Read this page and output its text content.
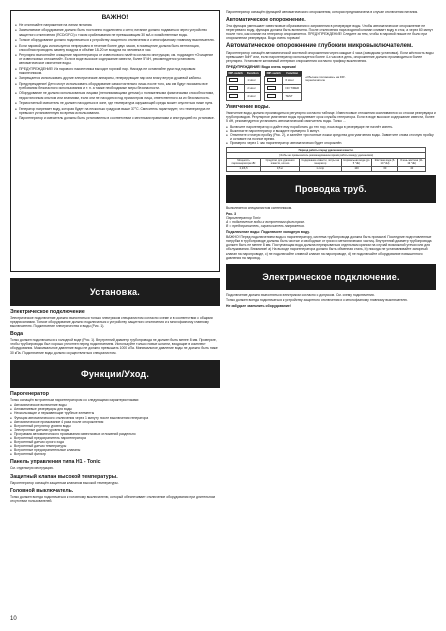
ВАЖНО!
● Не отключайте напряжение на линии питания.
● Заземляемое оборудование должно быть постоянно подключено к сети; питание должно подаваться через устройство защитного отключения (RCD/GFCI) с током срабатывания не превышающим 30 мА и хозяйственные воды.
● Тонкое оборудование должно подключаться к устройству защитного отключения и к многофазному главному выключателю.
● Если паровой душ используется непрерывно в течение более двух часов, в помещение должна быть вентиляция, способная проводить замену воздуха в объёме 18-20 м³ воздуха на человека в час.
● Регулярно выполняйте очищение парогенератора от известкового налёта согласно инструкции, см. подраздел «Очищение от известковых отложений». Если в воде высокое содержание извести, более 5°dH, рекомендуется установить автоматическое смягчение воды.
● ПРЕДУПРЕЖДЕНИЕ! Из парового наконечника выходит горячий пар. Никогда не оставляйте руки под паровым наконечником.
● Запрещается использовать другие электрические аппараты, генерирующие пар или влагу внутри душевой кабины.
● Предупреждение! Дети могут использовать оборудование самостоятельно лишь после того, как им будут показаны все требования безопасного использования и т. п. а также необходимые меры безопасности.
● Оборудование не должно использоваться лицами (непонимающими детьми) с пониженными физическими способностями, недостаточным опытом или знаниями, если они не находятся под присмотром лица, ответственного за их безопасность.
● Термостатный смеситель не должен находиться в зоне, где температура окружающей среды может опуститься ниже нуля.
● Генератор нагревает воду, которая будет на несколько градусов выше 37°C. Смеситель гарантирует, что температура не превысит установленную во время использования.
● Парогенератор и смеситель должны быть установлены в соответствии с местными правилами и инструкцией по установке.
Установка.
Электрическое подключение

Электрическое подключение должно выполняться только электриком специалистом согласно схеме и в соответствии с общими предписаниями. Тонкое оборудование должно подключаться к устройству защитного отключения и к многофазному главному выключателю. Подключение электричества и воды (Рис. 1).

Вода

Тонко должен подключаться к холодной воде (Рис. 1). Внутренний диаметр трубопровода не должен быть менее 8 мм. Проверьте, чтобы трубопроводы был хорошо уплотнен перед подключением. Используйте только новые шланги, входящие в комплект оборудования. Максимальное давление воды не должно превышать 1000 кПа. Минимальное давление воды не должно быть ниже 30 кПа. Подключение воды должно осуществляться специалистом.

Функции/Уход.
Парогенератор

Тонко оснащён встроенным парогенератором со следующими характеристиками:

● Автоматическое включение воды
● Алюминиевые резервуары для воды
● Нескользящие и нержавеющие трубные элементы
● Функция автоматического отключения через 1 минуту после выключения генератора
● Автоматическое промывание 4 раза после опорожнения
● Встроенный регулятор уровня воды
● Электронные датчики уровня воды
● Программа автоматического промывания известковых отложений раздельно
● Встроенный предохранитель парогенератора
● Встроенный датчик сухого хода
● Встроенный датчик температуры
● Встроенные предохранительные клапаны
● Встроенный фильтр
Панель управления типа H1 - Tonic

См. отдельную инструкцию.

Защитный клапан высокой температуры.

Парогенератор оснащён защитным клапаном высокой температуры.

Головной выключатель.

Тонко должен всегда подключаться к головному выключателю, который обеспечивает отключение оборудования при длительном отсутствии пользователей.

Парогенератор оснащён функцией автоматического опорожнения, которая предназначена в случае отключения питания.

Автоматическое опорожнение.

Эта функция уменьшает известковые образования и загрязнения в резервуаре воды. Чтобы автоматическое опорожнение не перегревало воду, функция должна быть включена. После отключения пара водяной клапан сливает воду в сток, а через 60 минут после того, как клапан на генератор опорожняется. ПРЕДУПРЕЖДЕНИЕ! Следите за тем, чтобы в паровой нишке не было при опорожнении резервуара. Вода очень горячая!

Автоматическое опорожнение глубоким микровыключателем.

Парогенератор оснащён автоматической системой опорожнения через каждые 4 часа (заводская установка). Если жёсткость воды превышает 5dH° или, если парогенератор используется более 4-х часов в день, опорожнение должно производиться более регулярно. Установите желаемый интервал опорожнения согласно графику выключения.

ПРЕДУПРЕЖДЕНИЕ! Вода очень горячая!

DIP-switch	Function
	1 Hour
	2 Hour
	4 Hour
DIP-switch	Function
	6 Hour
	NO TIMER
	TEST
«Обычное положение» на DIP-переключателе
Умягчение воды.

Умягчение воды должно производиться регулярно согласно таблице. Известковые отложения скапливаются со стоком резервуара и трубопроводов. Регулярное умягчение воды продлевает срок службы генератора. Если в воде высокое содержание извести, более 5 dH, рекомендуется установить автоматический смягчитель воды. Тонко ...

● Включите парогенератор и дайте ему поработать до тех пор, пока вода в резервуаре не начнёт кипеть.
● Выключите парогенератор и выждите примерно 5 минут.
● Отвинтите сточную пробку (Рис. 2), и залейте три полные ложки средства для умягчения воды. Завинтите снова сточную пробку и оставьте на ночное время.
● Примерно через 1 час парогенератор автоматически будет опорожнён.
Период работы перед удалением извести.					
(Чтобы не превышалось рекомендованное время работы между удалениями)					
Мощность парогенератора кВт	Средство для удаления извести, кол-во	Содержание извести, литры на генератор	Нормальная вода (до 5 °dH)	Жёсткая вода (6-10 °dH)	Очень жёсткая (11-19 °dH)
2,2/6,5	0,5 кг	1 литр	100	60	40
Проводка труб.

Выполняется специалистом сантехником.

Рис. 3

Парогенератор Tonic

A = подключение воды к встроенным фильтром.

B = предохранитель, ограничитель напряжения.

Подключение воды: Подключите холодную воду.

ВАЖНО! Перед подключением воды к парогенератору, система трубопровода должна быть промыта! Последние подготовленные патрубки в трубопроводе должны быть чистые и свободные от грязи и металлических частиц. Внутренний диаметр трубопровода должен быть не менее 8 мм. Поступающая вода должна перекрываться отдельным краном на случай возможной утечки или для обслуживания. Внимание! a) На выходе парогенератора должно быть обменная сталь, b) никогда не устанавливайте запорный клапан на паропроводе, c) не подключайте сливной клапан на паропроводе, d) не подключайте оборудование повышенного давления на паровод.

Электрическое подключение.

Подключение должно выполняться электриком согласно с допуском. См. схему подключения.

Тонко должен всегда подключаться к устройству защитного отключения и к многофазному главному выключателю.

Не забудьте заземлить оборудование!

10
